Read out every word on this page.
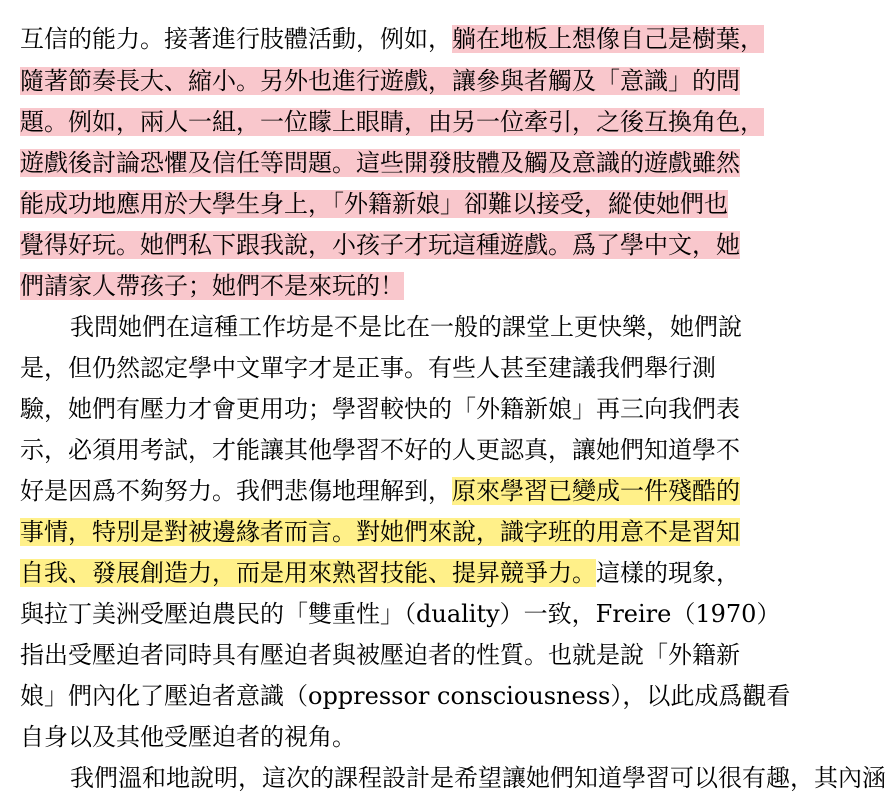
互信的能力。接著進行肢體活動，例如，躺在地板上想像自己是樹葉，
隨著節奏長大、縮小。另外也進行遊戲，讓參與者觸及「意識」的問
題。例如，兩人一組，一位矇上眼睛，由另一位牽引，之後互換角色，
遊戲後討論恐懼及信任等問題。這些開發肢體及觸及意識的遊戲雖然
能成功地應用於大學生身上，「外籍新娘」卻難以接受，縱使她們也
覺得好玩。她們私下跟我說，小孩子才玩這種遊戲。爲了學中文，她
們請家人帶孩子；她們不是來玩的！
我問她們在這種工作坊是不是比在一般的課堂上更快樂，她們說
是，但仍然認定學中文單字才是正事。有些人甚至建議我們舉行測
驗，她們有壓力才會更用功；學習較快的「外籍新娘」再三向我們表
示，必須用考試，才能讓其他學習不好的人更認真，讓她們知道學不
好是因爲不夠努力。我們悲傷地理解到，原來學習已變成一件殘酷的
事情，特別是對被邊緣者而言。對她們來說，識字班的用意不是習知
自我、發展創造力，而是用來熟習技能、提昇競爭力。這樣的現象，
與拉丁美洲受壓迫農民的「雙重性」（duality）一致，Freire（1970）
指出受壓迫者同時具有壓迫者與被壓迫者的性質。也就是說「外籍新
娘」們內化了壓迫者意識（oppressor consciousness），以此成爲觀看
自身以及其他受壓迫者的視角。
我們溫和地說明，這次的課程設計是希望讓她們知道學習可以很有趣，其內涵
